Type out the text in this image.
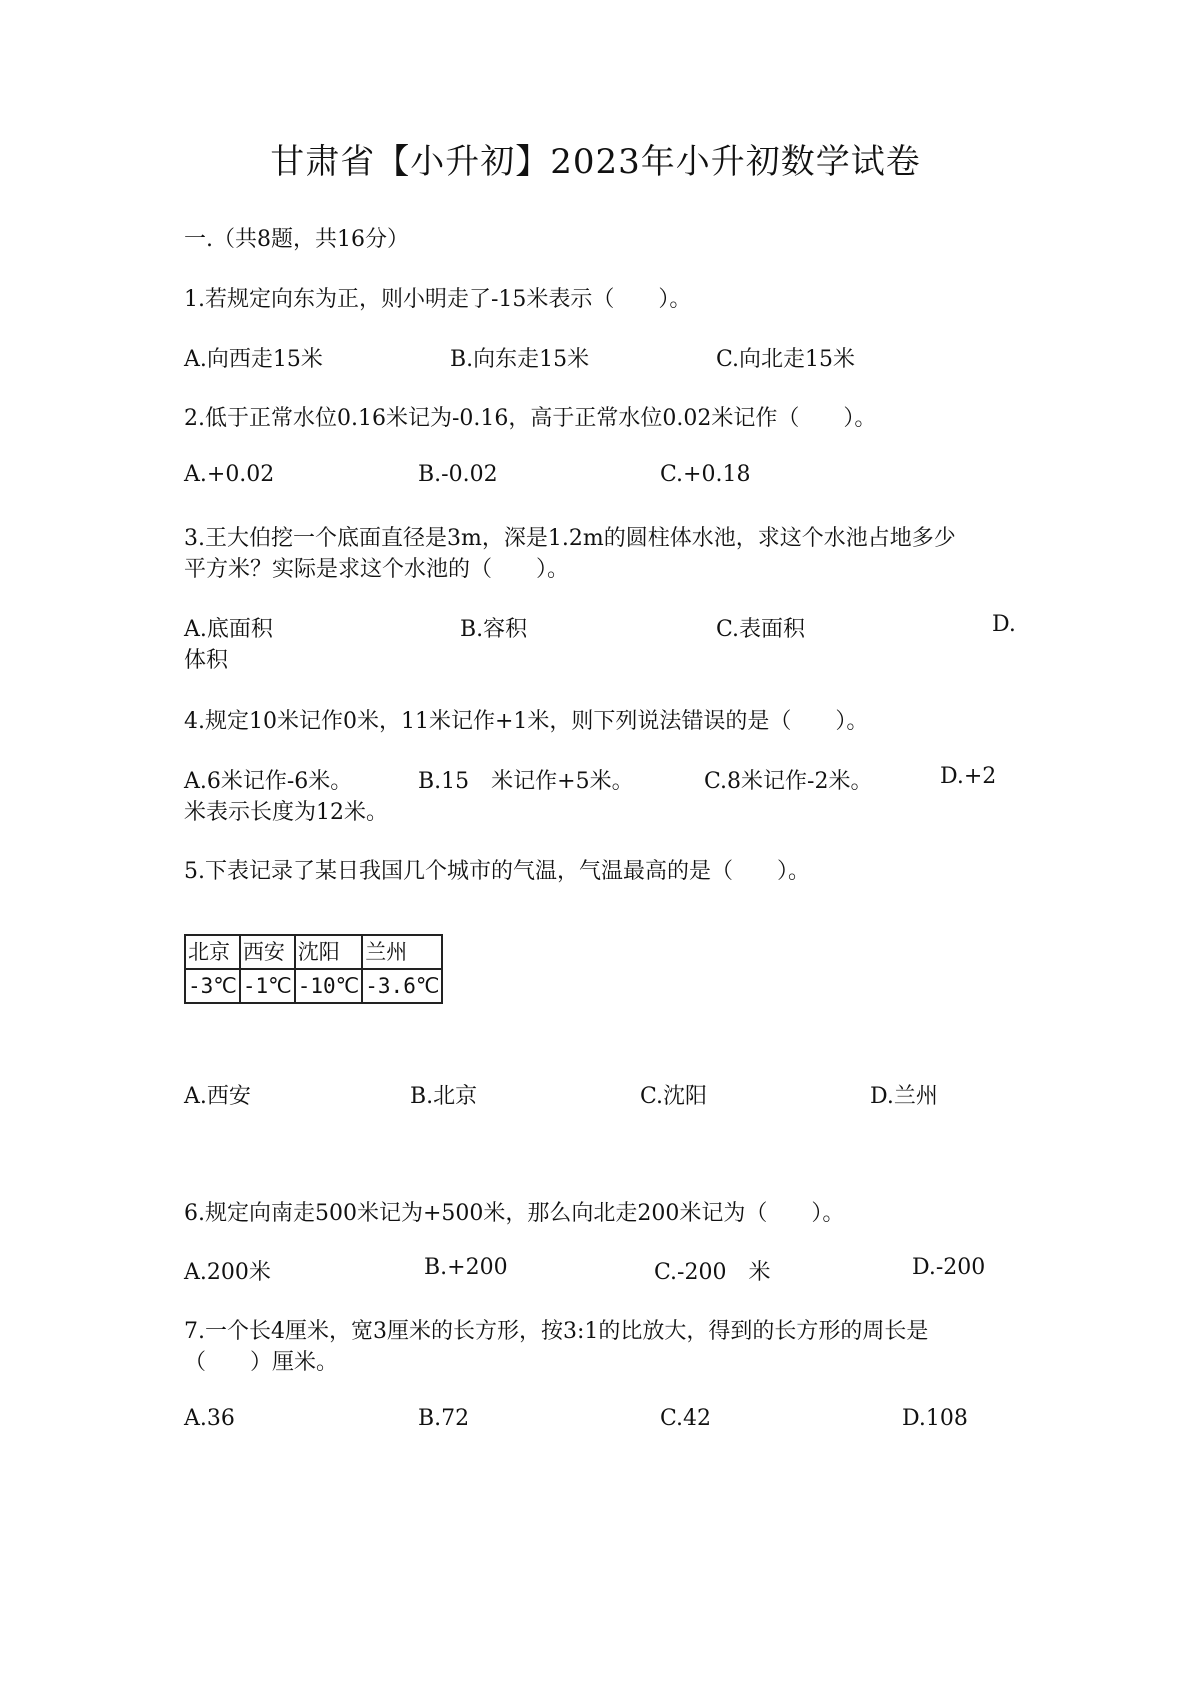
甘肃省【小升初】2023年小升初数学试卷
一.（共8题，共16分）
1.若规定向东为正，则小明走了-15米表示（　　）。
A.向西走15米	B.向东走15米	C.向北走15米
2.低于正常水位0.16米记为-0.16，高于正常水位0.02米记作（　　）。
A.+0.02	B.-0.02	C.+0.18
3.王大伯挖一个底面直径是3m，深是1.2m的圆柱体水池，求这个水池占地多少
平方米？实际是求这个水池的（　　）。
A.底面积	B.容积	C.表面积	D.
体积
4.规定10米记作0米，11米记作+1米，则下列说法错误的是（　　）。
A.6米记作-6米。	B.15　米记作+5米。	C.8米记作-2米。	D.+2
米表示长度为12米。
5.下表记录了某日我国几个城市的气温，气温最高的是（　　）。
北京	西安	沈阳	兰州
-3℃	-1℃	-10℃	-3.6℃
A.西安	B.北京	C.沈阳	D.兰州
6.规定向南走500米记为+500米，那么向北走200米记为（　　）。
A.200米	B.+200	C.-200　米	D.-200
7.一个长4厘米，宽3厘米的长方形，按3:1的比放大，得到的长方形的周长是
（　　）厘米。
A.36	B.72	C.42	D.108
